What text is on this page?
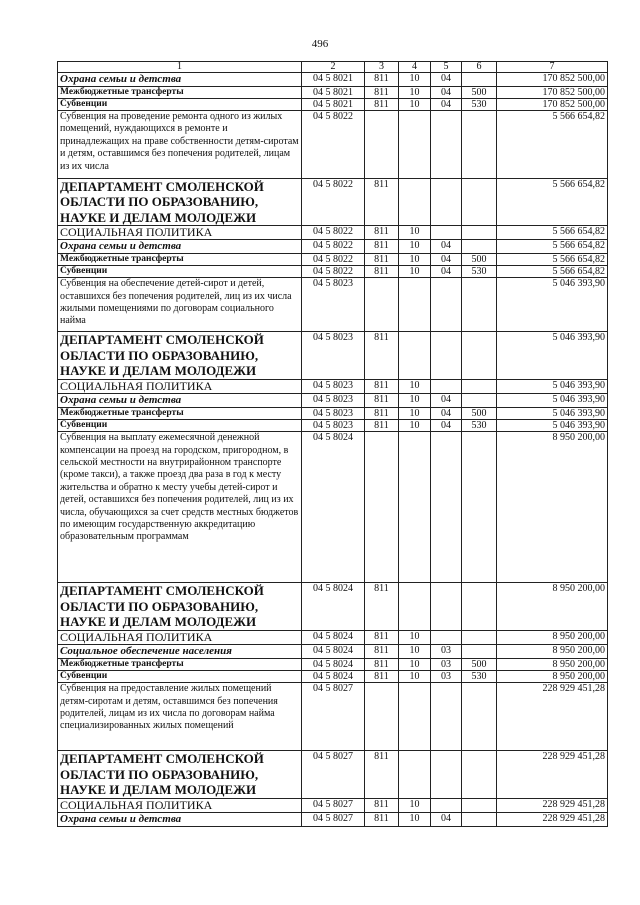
496
1	2	3	4	5	6	7
Охрана семьи и детства	04 5 8021	811	10	04		170 852 500,00
Межбюджетные трансферты	04 5 8021	811	10	04	500	170 852 500,00
Субвенции	04 5 8021	811	10	04	530	170 852 500,00
Субвенция на проведение ремонта одного из жилых помещений, нуждающихся в ремонте и принадлежащих на праве собственности детям-сиротам и детям, оставшимся без попечения родителей, лицам из их числа	04 5 8022					5 566 654,82
ДЕПАРТАМЕНТ СМОЛЕНСКОЙ ОБЛАСТИ ПО ОБРАЗОВАНИЮ, НАУКЕ И ДЕЛАМ МОЛОДЕЖИ	04 5 8022	811				5 566 654,82
СОЦИАЛЬНАЯ ПОЛИТИКА	04 5 8022	811	10			5 566 654,82
Охрана семьи и детства	04 5 8022	811	10	04		5 566 654,82
Межбюджетные трансферты	04 5 8022	811	10	04	500	5 566 654,82
Субвенции	04 5 8022	811	10	04	530	5 566 654,82
Субвенция на обеспечение детей-сирот и детей, оставшихся без попечения родителей, лиц из их числа жилыми помещениями по договорам социального найма	04 5 8023					5 046 393,90
ДЕПАРТАМЕНТ СМОЛЕНСКОЙ ОБЛАСТИ ПО ОБРАЗОВАНИЮ, НАУКЕ И ДЕЛАМ МОЛОДЕЖИ	04 5 8023	811				5 046 393,90
СОЦИАЛЬНАЯ ПОЛИТИКА	04 5 8023	811	10			5 046 393,90
Охрана семьи и детства	04 5 8023	811	10	04		5 046 393,90
Межбюджетные трансферты	04 5 8023	811	10	04	500	5 046 393,90
Субвенции	04 5 8023	811	10	04	530	5 046 393,90
Субвенция на выплату ежемесячной денежной компенсации на проезд на городском, пригородном, в сельской местности на внутрирайонном транспорте (кроме такси), а также проезд два раза в год к месту жительства и обратно к месту учебы детей-сирот и детей, оставшихся без попечения родителей, лиц из их числа, обучающихся за счет средств местных бюджетов по имеющим государственную аккредитацию образовательным программам	04 5 8024					8 950 200,00
ДЕПАРТАМЕНТ СМОЛЕНСКОЙ ОБЛАСТИ ПО ОБРАЗОВАНИЮ, НАУКЕ И ДЕЛАМ МОЛОДЕЖИ	04 5 8024	811				8 950 200,00
СОЦИАЛЬНАЯ ПОЛИТИКА	04 5 8024	811	10			8 950 200,00
Социальное обеспечение населения	04 5 8024	811	10	03		8 950 200,00
Межбюджетные трансферты	04 5 8024	811	10	03	500	8 950 200,00
Субвенции	04 5 8024	811	10	03	530	8 950 200,00
Субвенция на предоставление жилых помещений детям-сиротам и детям, оставшимся без попечения родителей, лицам из их числа по договорам найма специализированных жилых помещений	04 5 8027					228 929 451,28
ДЕПАРТАМЕНТ СМОЛЕНСКОЙ ОБЛАСТИ ПО ОБРАЗОВАНИЮ, НАУКЕ И ДЕЛАМ МОЛОДЕЖИ	04 5 8027	811				228 929 451,28
СОЦИАЛЬНАЯ ПОЛИТИКА	04 5 8027	811	10			228 929 451,28
Охрана семьи и детства	04 5 8027	811	10	04		228 929 451,28
